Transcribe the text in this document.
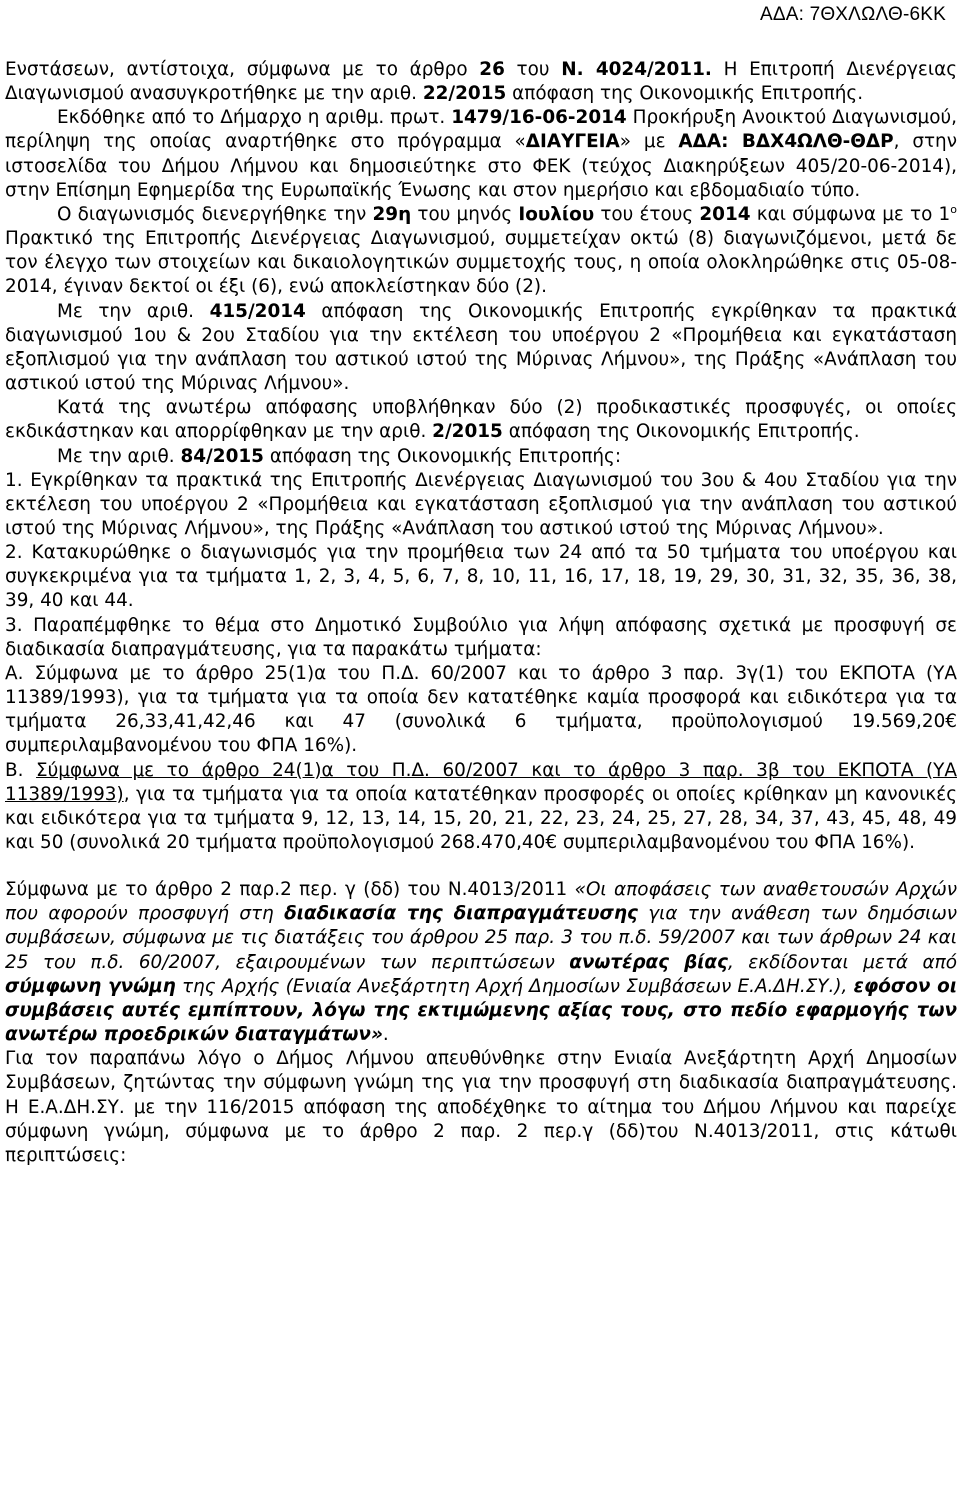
ΑΔΑ: 7ΘΧΛΩΛΘ-6ΚΚ

Ενστάσεων, αντίστοιχα, σύμφωνα με το άρθρο 26 του Ν. 4024/2011. Η Επιτροπή Διενέργειας Διαγωνισμού ανασυγκροτήθηκε με την αριθ. 22/2015 απόφαση της Οικονομικής Επιτροπής.

Εκδόθηκε από το Δήμαρχο η αριθμ. πρωτ. 1479/16-06-2014 Προκήρυξη Ανοικτού Διαγωνισμού, περίληψη της οποίας αναρτήθηκε στο πρόγραμμα «ΔΙΑΥΓΕΙΑ» με ΑΔΑ: ΒΔΧ4ΩΛΘ-ΘΔΡ, στην ιστοσελίδα του Δήμου Λήμνου και δημοσιεύτηκε στο ΦΕΚ (τεύχος Διακηρύξεων 405/20-06-2014), στην Επίσημη Εφημερίδα της Ευρωπαϊκής Ένωσης και στον ημερήσιο και εβδομαδιαίο τύπο.

Ο διαγωνισμός διενεργήθηκε την 29η του μηνός Ιουλίου του έτους 2014 και σύμφωνα με το $1^o$ Πρακτικό της Επιτροπής Διενέργειας Διαγωνισμού, συμμετείχαν οκτώ (8) διαγωνιζόμενοι, μετά δε τον έλεγχο των στοιχείων και δικαιολογητικών συμμετοχής τους, η οποία ολοκληρώθηκε στις 05-08-2014, έγιναν δεκτοί οι έξι (6), ενώ αποκλείστηκαν δύο (2).

Με την αριθ. 415/2014 απόφαση της Οικονομικής Επιτροπής εγκρίθηκαν τα πρακτικά διαγωνισμού 1ου & 2ου Σταδίου για την εκτέλεση του υποέργου 2 «Προμήθεια και εγκατάσταση εξοπλισμού για την ανάπλαση του αστικού ιστού της Μύρινας Λήμνου», της Πράξης «Ανάπλαση του αστικού ιστού της Μύρινας Λήμνου».

Κατά της ανωτέρω απόφασης υποβλήθηκαν δύο (2) προδικαστικές προσφυγές, οι οποίες εκδικάστηκαν και απορρίφθηκαν με την αριθ. 2/2015 απόφαση της Οικονομικής Επιτροπής.

Με την αριθ. 84/2015 απόφαση της Οικονομικής Επιτροπής:

1. Εγκρίθηκαν τα πρακτικά της Επιτροπής Διενέργειας Διαγωνισμού του 3ου & 4ου Σταδίου για την εκτέλεση του υποέργου 2 «Προμήθεια και εγκατάσταση εξοπλισμού για την ανάπλαση του αστικού ιστού της Μύρινας Λήμνου», της Πράξης «Ανάπλαση του αστικού ιστού της Μύρινας Λήμνου».

2. Κατακυρώθηκε ο διαγωνισμός για την προμήθεια των 24 από τα 50 τμήματα του υποέργου και συγκεκριμένα για τα τμήματα 1, 2, 3, 4, 5, 6, 7, 8, 10, 11, 16, 17, 18, 19, 29, 30, 31, 32, 35, 36, 38, 39, 40 και 44.

3. Παραπέμφθηκε το θέμα στο Δημοτικό Συμβούλιο για λήψη απόφασης σχετικά με προσφυγή σε διαδικασία διαπραγμάτευσης, για τα παρακάτω τμήματα:

Α. Σύμφωνα με το άρθρο 25(1)α του Π.Δ. 60/2007 και το άρθρο 3 παρ. 3γ(1) του ΕΚΠΟΤΑ (ΥΑ 11389/1993), για τα τμήματα για τα οποία δεν κατατέθηκε καμία προσφορά και ειδικότερα για τα τμήματα 26,33,41,42,46 και 47 (συνολικά 6 τμήματα, προϋπολογισμού 19.569,20€ συμπεριλαμβανομένου του ΦΠΑ 16%).

Β. Σύμφωνα με το άρθρο 24(1)α του Π.Δ. 60/2007 και το άρθρο 3 παρ. 3β του ΕΚΠΟΤΑ (ΥΑ 11389/1993), για τα τμήματα για τα οποία κατατέθηκαν προσφορές οι οποίες κρίθηκαν μη κανονικές και ειδικότερα για τα τμήματα 9, 12, 13, 14, 15, 20, 21, 22, 23, 24, 25, 27, 28, 34, 37, 43, 45, 48, 49 και 50 (συνολικά 20 τμήματα προϋπολογισμού 268.470,40€ συμπεριλαμβανομένου του ΦΠΑ 16%).

Σύμφωνα με το άρθρο 2 παρ.2 περ. γ (δδ) του Ν.4013/2011 «Οι αποφάσεις των αναθετουσών Αρχών που αφορούν προσφυγή στη διαδικασία της διαπραγμάτευσης για την ανάθεση των δημόσιων συμβάσεων, σύμφωνα με τις διατάξεις του άρθρου 25 παρ. 3 του π.δ. 59/2007 και των άρθρων 24 και 25 του π.δ. 60/2007, εξαιρουμένων των περιπτώσεων ανωτέρας βίας, εκδίδονται μετά από σύμφωνη γνώμη της Αρχής (Ενιαία Ανεξάρτητη Αρχή Δημοσίων Συμβάσεων Ε.Α.ΔΗ.ΣΥ.), εφόσον οι συμβάσεις αυτές εμπίπτουν, λόγω της εκτιμώμενης αξίας τους, στο πεδίο εφαρμογής των ανωτέρω προεδρικών διαταγμάτων».

Για τον παραπάνω λόγο ο Δήμος Λήμνου απευθύνθηκε στην Ενιαία Ανεξάρτητη Αρχή Δημοσίων Συμβάσεων, ζητώντας την σύμφωνη γνώμη της για την προσφυγή στη διαδικασία διαπραγμάτευσης. Η Ε.Α.ΔΗ.ΣΥ. με την 116/2015 απόφαση της αποδέχθηκε το αίτημα του Δήμου Λήμνου και παρείχε σύμφωνη γνώμη, σύμφωνα με το άρθρο 2 παρ. 2 περ.γ (δδ)του Ν.4013/2011, στις κάτωθι περιπτώσεις:
